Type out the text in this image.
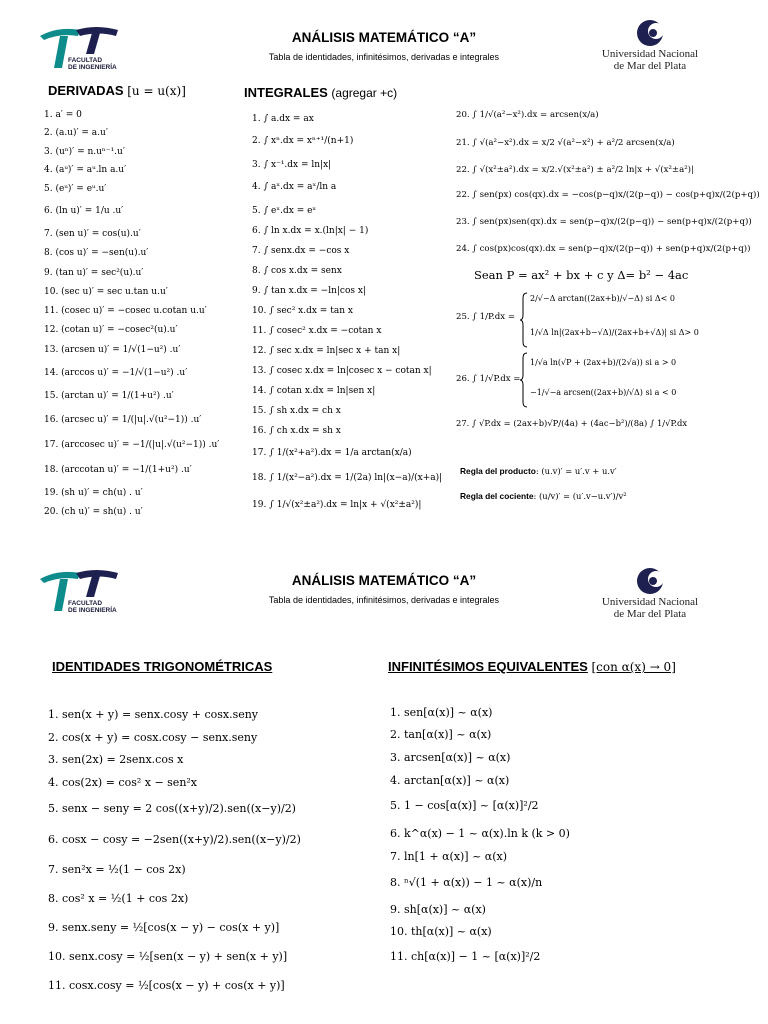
FACULTAD
DE INGENIERÍA
ANÁLISIS MATEMÁTICO “A”
Tabla de identidades, infinitésimos, derivadas e integrales	Universidad Nacional
de Mar del Plata
DERIVADAS [u = u(x)]	INTEGRALES (agregar +c)
1. a′ = 0
2. (a.u)′ = a.u′
3. (uⁿ)′ = n.uⁿ⁻¹.u′
4. (aᵘ)′ = aᵘ.ln a.u′
5. (eᵘ)′ = eᵘ.u′
6. (ln u)′ = 1/u .u′
7. (sen u)′ = cos(u).u′
8. (cos u)′ = −sen(u).u′
9. (tan u)′ = sec²(u).u′
10. (sec u)′ = sec u.tan u.u′
11. (cosec u)′ = −cosec u.cotan u.u′
12. (cotan u)′ = −cosec²(u).u′
13. (arcsen u)′ = 1/√(1−u²) .u′
14. (arccos u)′ = −1/√(1−u²) .u′
15. (arctan u)′ = 1/(1+u²) .u′
16. (arcsec u)′ = 1/(|u|.√(u²−1)) .u′
17. (arccosec u)′ = −1/(|u|.√(u²−1)) .u′
18. (arccotan u)′ = −1/(1+u²) .u′
19. (sh u)′ = ch(u) . u′
20. (ch u)′ = sh(u) . u′
1. ∫ a.dx = ax
2. ∫ xⁿ.dx = xⁿ⁺¹/(n+1)
3. ∫ x⁻¹.dx = ln|x|
4. ∫ aˣ.dx = aˣ/ln a
5. ∫ eˣ.dx = eˣ
6. ∫ ln x.dx = x.(ln|x| − 1)
7. ∫ senx.dx = −cos x
8. ∫ cos x.dx = senx
9. ∫ tan x.dx = −ln|cos x|
10. ∫ sec² x.dx = tan x
11. ∫ cosec² x.dx = −cotan x
12. ∫ sec x.dx = ln|sec x + tan x|
13. ∫ cosec x.dx = ln|cosec x − cotan x|
14. ∫ cotan x.dx = ln|sen x|
15. ∫ sh x.dx = ch x
16. ∫ ch x.dx = sh x
17. ∫ 1/(x²+a²).dx = 1/a arctan(x/a)
18. ∫ 1/(x²−a²).dx = 1/(2a) ln|(x−a)/(x+a)|
19. ∫ 1/√(x²±a²).dx = ln|x + √(x²±a²)|
20. ∫ 1/√(a²−x²).dx = arcsen(x/a)
21. ∫ √(a²−x²).dx = x/2 √(a²−x²) + a²/2 arcsen(x/a)
22. ∫ √(x²±a²).dx = x/2.√(x²±a²) ± a²/2 ln|x + √(x²±a²)|
22. ∫ sen(px) cos(qx).dx = −cos(p−q)x/(2(p−q)) − cos(p+q)x/(2(p+q))
23. ∫ sen(px)sen(qx).dx = sen(p−q)x/(2(p−q)) − sen(p+q)x/(2(p+q))
24. ∫ cos(px)cos(qx).dx = sen(p−q)x/(2(p−q)) + sen(p+q)x/(2(p+q))
Sean P = ax² + bx + c y Δ= b² − 4ac
25. ∫ 1/P.dx =
2/√−Δ arctan((2ax+b)/√−Δ) si Δ< 0
1/√Δ ln|(2ax+b−√Δ)/(2ax+b+√Δ)| si Δ> 0
26. ∫ 1/√P.dx =
1/√a ln(√P + (2ax+b)/(2√a)) si a > 0
−1/√−a arcsen((2ax+b)/√Δ) si a < 0
27. ∫ √P.dx = (2ax+b)√P/(4a) + (4ac−b²)/(8a) ∫ 1/√P.dx
Regla del producto: (u.v)′ = u′.v + u.v′
Regla del cociente: (u/v)′ = (u′.v−u.v′)/v²
FACULTAD
DE INGENIERÍA
ANÁLISIS MATEMÁTICO “A”
Tabla de identidades, infinitésimos, derivadas e integrales	Universidad Nacional
de Mar del Plata
IDENTIDADES TRIGONOMÉTRICAS	INFINITÉSIMOS EQUIVALENTES [con α(x) → 0]
1. sen(x + y) = senx.cosy + cosx.seny
2. cos(x + y) = cosx.cosy − senx.seny
3. sen(2x) = 2senx.cos x
4. cos(2x) = cos² x − sen²x
5. senx − seny = 2 cos((x+y)/2).sen((x−y)/2)
6. cosx − cosy = −2sen((x+y)/2).sen((x−y)/2)
7. sen²x = ½(1 − cos 2x)
8. cos² x = ½(1 + cos 2x)
9. senx.seny = ½[cos(x − y) − cos(x + y)]
10. senx.cosy = ½[sen(x − y) + sen(x + y)]
11. cosx.cosy = ½[cos(x − y) + cos(x + y)]
1. sen[α(x)] ~ α(x)
2. tan[α(x)] ~ α(x)
3. arcsen[α(x)] ~ α(x)
4. arctan[α(x)] ~ α(x)
5. 1 − cos[α(x)] ~ [α(x)]²/2
6. k^α(x) − 1 ~ α(x).ln k (k > 0)
7. ln[1 + α(x)] ~ α(x)
8. ⁿ√(1 + α(x)) − 1 ~ α(x)/n
9. sh[α(x)] ~ α(x)
10. th[α(x)] ~ α(x)
11. ch[α(x)] − 1 ~ [α(x)]²/2
